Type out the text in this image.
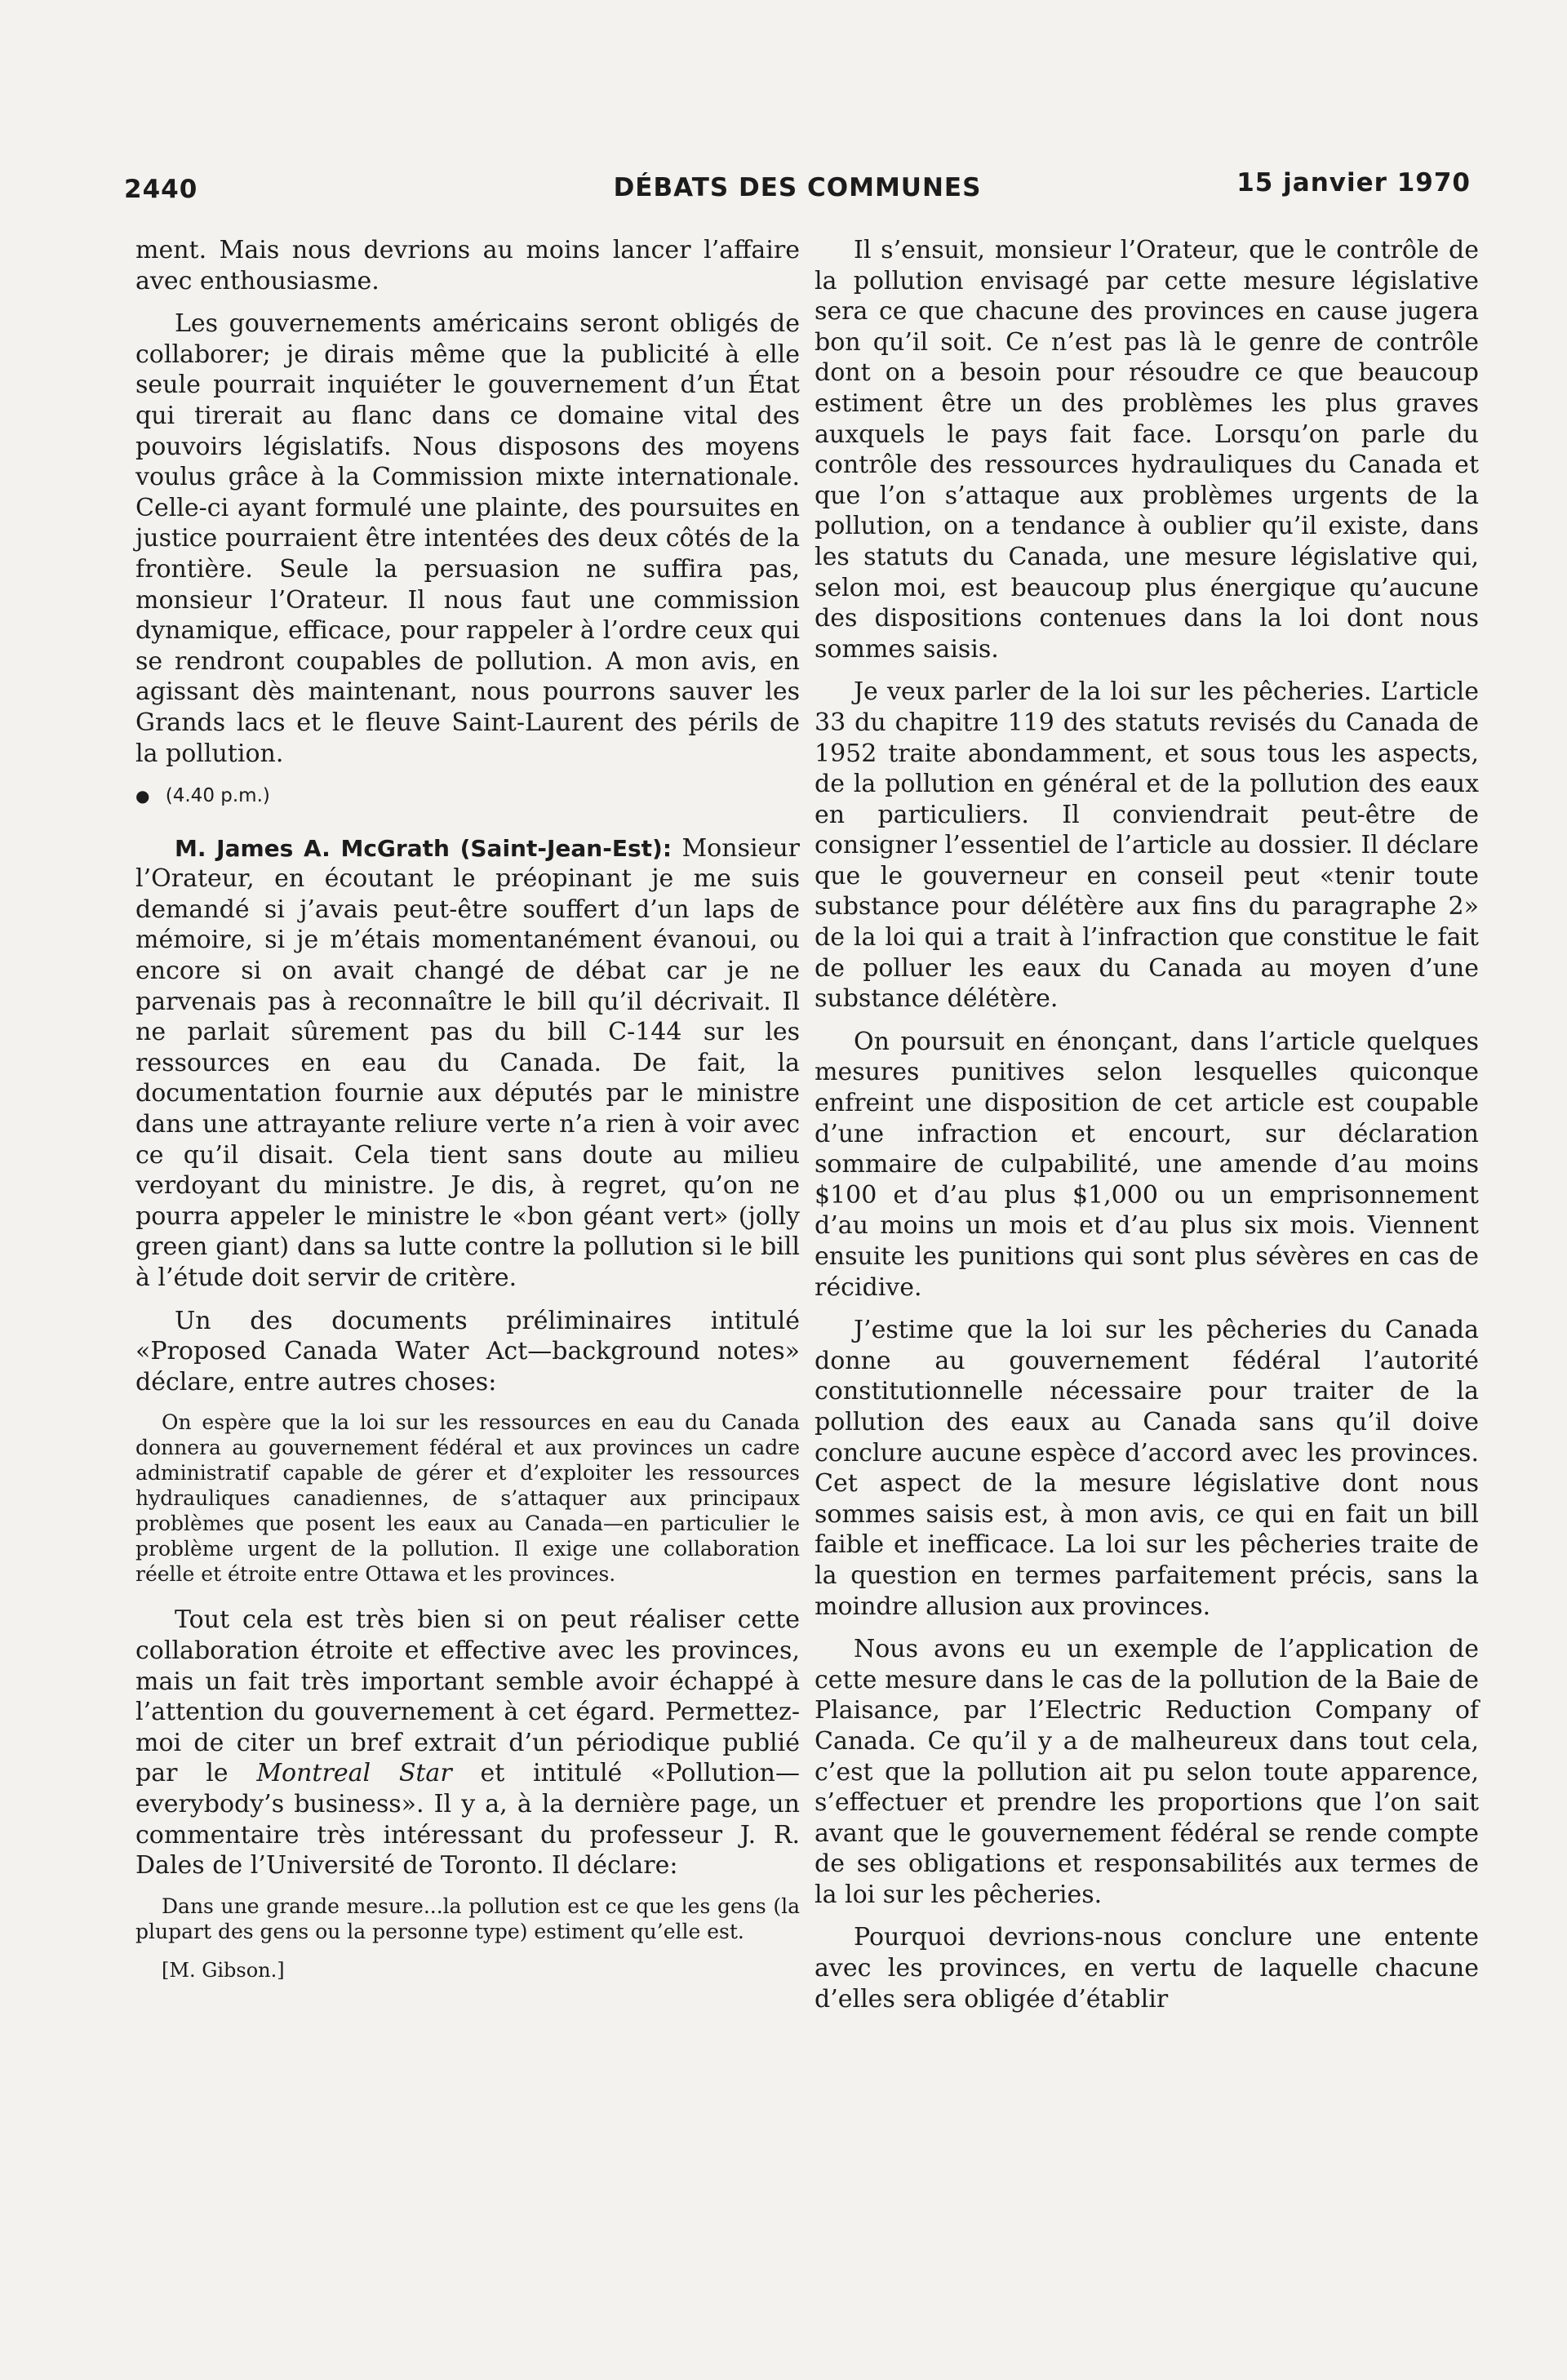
2440	DÉBATS DES COMMUNES	15 janvier 1970

ment. Mais nous devrions au moins lancer l’affaire avec enthousiasme.

Les gouvernements américains seront obligés de collaborer; je dirais même que la publicité à elle seule pourrait inquiéter le gouvernement d’un État qui tirerait au flanc dans ce domaine vital des pouvoirs législatifs. Nous disposons des moyens voulus grâce à la Commission mixte internationale. Celle-ci ayant formulé une plainte, des poursuites en justice pourraient être intentées des deux côtés de la frontière. Seule la persuasion ne suffira pas, monsieur l’Orateur. Il nous faut une commission dynamique, efficace, pour rappeler à l’ordre ceux qui se rendront coupables de pollution. A mon avis, en agissant dès maintenant, nous pourrons sauver les Grands lacs et le fleuve Saint-Laurent des périls de la pollution.

● (4.40 p.m.)

M. James A. McGrath (Saint-Jean-Est): Monsieur l’Orateur, en écoutant le préopinant je me suis demandé si j’avais peut-être souffert d’un laps de mémoire, si je m’étais momentanément évanoui, ou encore si on avait changé de débat car je ne parvenais pas à reconnaître le bill qu’il décrivait. Il ne parlait sûrement pas du bill C-144 sur les ressources en eau du Canada. De fait, la documentation fournie aux députés par le ministre dans une attrayante reliure verte n’a rien à voir avec ce qu’il disait. Cela tient sans doute au milieu verdoyant du ministre. Je dis, à regret, qu’on ne pourra appeler le ministre le «bon géant vert» (jolly green giant) dans sa lutte contre la pollution si le bill à l’étude doit servir de critère.

Un des documents préliminaires intitulé «Proposed Canada Water Act—background notes» déclare, entre autres choses:

On espère que la loi sur les ressources en eau du Canada donnera au gouvernement fédéral et aux provinces un cadre administratif capable de gérer et d’exploiter les ressources hydrauliques canadiennes, de s’attaquer aux principaux problèmes que posent les eaux au Canada—en particulier le problème urgent de la pollution. Il exige une collaboration réelle et étroite entre Ottawa et les provinces.

Tout cela est très bien si on peut réaliser cette collaboration étroite et effective avec les provinces, mais un fait très important semble avoir échappé à l’attention du gouvernement à cet égard. Permettez-moi de citer un bref extrait d’un périodique publié par le Montreal Star et intitulé «Pollution—everybody’s business». Il y a, à la dernière page, un commentaire très intéressant du professeur J. R. Dales de l’Université de Toronto. Il déclare:

Dans une grande mesure...la pollution est ce que les gens (la plupart des gens ou la personne type) estiment qu’elle est.
[M. Gibson.]

Il s’ensuit, monsieur l’Orateur, que le contrôle de la pollution envisagé par cette mesure législative sera ce que chacune des provinces en cause jugera bon qu’il soit. Ce n’est pas là le genre de contrôle dont on a besoin pour résoudre ce que beaucoup estiment être un des problèmes les plus graves auxquels le pays fait face. Lorsqu’on parle du contrôle des ressources hydrauliques du Canada et que l’on s’attaque aux problèmes urgents de la pollution, on a tendance à oublier qu’il existe, dans les statuts du Canada, une mesure législative qui, selon moi, est beaucoup plus énergique qu’aucune des dispositions contenues dans la loi dont nous sommes saisis.

Je veux parler de la loi sur les pêcheries. L’article 33 du chapitre 119 des statuts revisés du Canada de 1952 traite abondamment, et sous tous les aspects, de la pollution en général et de la pollution des eaux en particuliers. Il conviendrait peut-être de consigner l’essentiel de l’article au dossier. Il déclare que le gouverneur en conseil peut «tenir toute substance pour délétère aux fins du paragraphe 2» de la loi qui a trait à l’infraction que constitue le fait de polluer les eaux du Canada au moyen d’une substance délétère.

On poursuit en énonçant, dans l’article quelques mesures punitives selon lesquelles quiconque enfreint une disposition de cet article est coupable d’une infraction et encourt, sur déclaration sommaire de culpabilité, une amende d’au moins $100 et d’au plus $1,000 ou un emprisonnement d’au moins un mois et d’au plus six mois. Viennent ensuite les punitions qui sont plus sévères en cas de récidive.

J’estime que la loi sur les pêcheries du Canada donne au gouvernement fédéral l’autorité constitutionnelle nécessaire pour traiter de la pollution des eaux au Canada sans qu’il doive conclure aucune espèce d’accord avec les provinces. Cet aspect de la mesure législative dont nous sommes saisis est, à mon avis, ce qui en fait un bill faible et inefficace. La loi sur les pêcheries traite de la question en termes parfaitement précis, sans la moindre allusion aux provinces.

Nous avons eu un exemple de l’application de cette mesure dans le cas de la pollution de la Baie de Plaisance, par l’Electric Reduction Company of Canada. Ce qu’il y a de malheureux dans tout cela, c’est que la pollution ait pu selon toute apparence, s’effectuer et prendre les proportions que l’on sait avant que le gouvernement fédéral se rende compte de ses obligations et responsabilités aux termes de la loi sur les pêcheries.

Pourquoi devrions-nous conclure une entente avec les provinces, en vertu de laquelle chacune d’elles sera obligée d’établir
